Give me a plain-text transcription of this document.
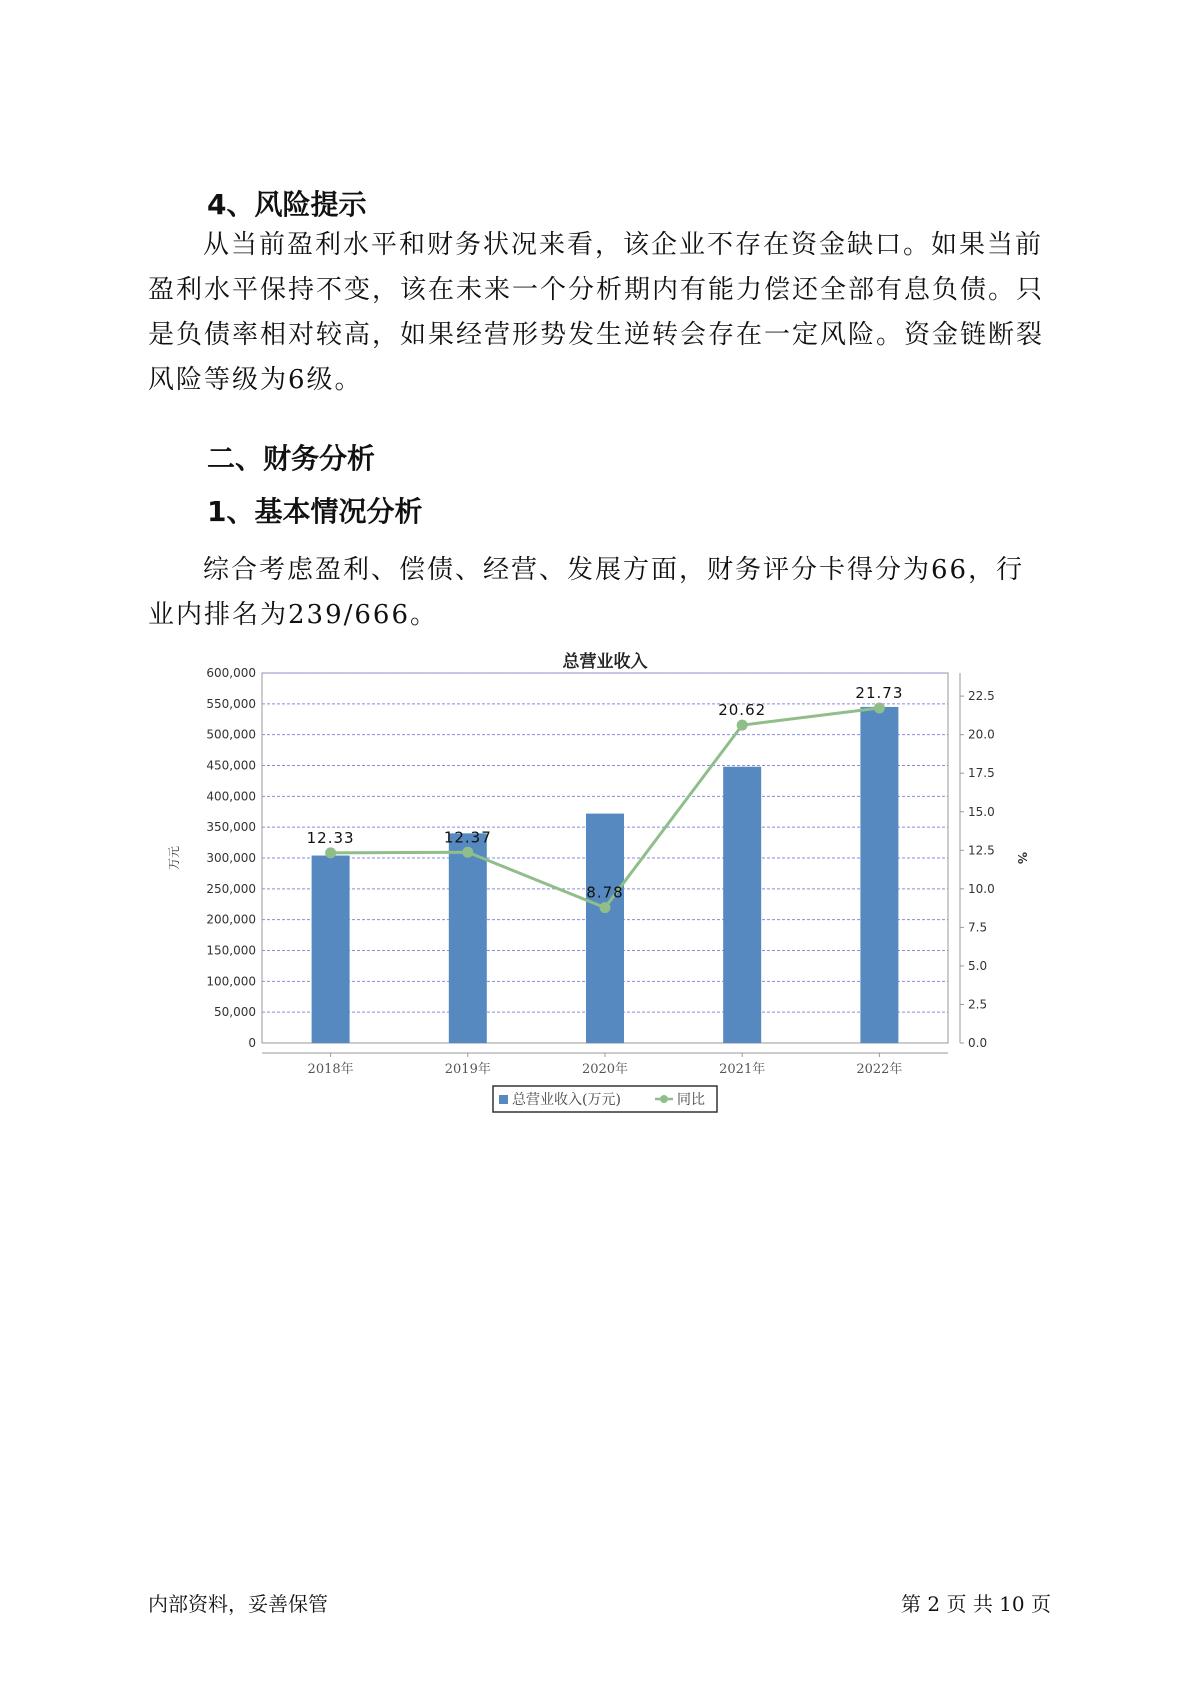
4、风险提示

从当前盈利水平和财务状况来看，该企业不存在资金缺口。如果当前盈利水平保持不变，该在未来一个分析期内有能力偿还全部有息负债。只是负债率相对较高，如果经营形势发生逆转会存在一定风险。资金链断裂风险等级为6级。

二、财务分析
1、基本情况分析

综合考虑盈利、偿债、经营、发展方面，财务评分卡得分为66，行业内排名为239/666。

总营业收入
0
50,000
100,000
150,000
200,000
250,000
300,000
350,000
400,000
450,000
500,000
550,000
600,000
万元
0.0
2.5
5.0
7.5
10.0
12.5
15.0
17.5
20.0
22.5
%
2018年	2019年	2020年	2021年	2022年
12.33	12.37
8.78
20.62
21.73
总营业收入(万元)	同比
内部资料，妥善保管	第 2 页 共 10 页
